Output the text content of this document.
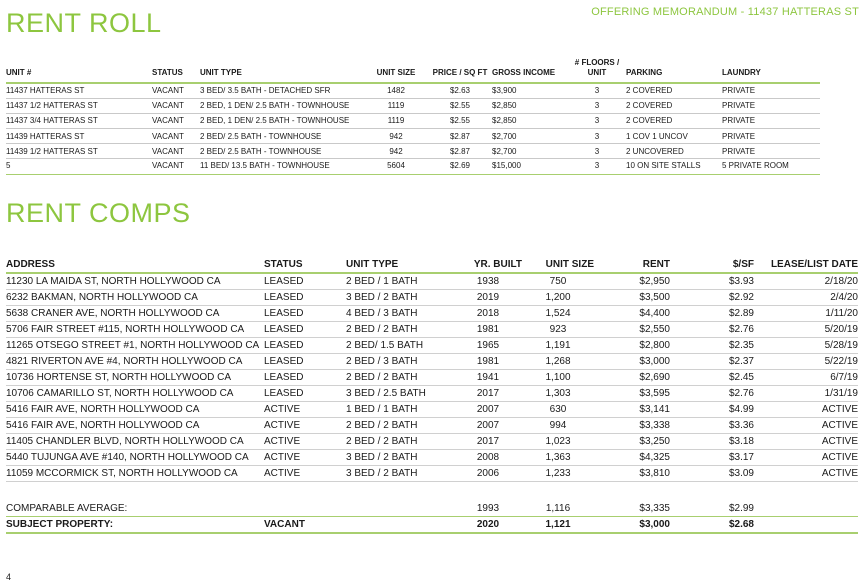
OFFERING MEMORANDUM - 11437 HATTERAS ST
RENT ROLL
UNIT #	STATUS	UNIT TYPE	UNIT SIZE	PRICE / SQ FT	GROSS INCOME	# FLOORS / UNIT	PARKING	LAUNDRY
11437 HATTERAS ST	VACANT	3 BED/ 3.5 BATH - DETACHED SFR	1482	$2.63	$3,900	3	2 COVERED	PRIVATE
11437 1/2 HATTERAS ST	VACANT	2 BED, 1 DEN/ 2.5 BATH - TOWNHOUSE	1119	$2.55	$2,850	3	2 COVERED	PRIVATE
11437 3/4 HATTERAS ST	VACANT	2 BED, 1 DEN/ 2.5 BATH - TOWNHOUSE	1119	$2.55	$2,850	3	2 COVERED	PRIVATE
11439 HATTERAS ST	VACANT	2 BED/ 2.5 BATH - TOWNHOUSE	942	$2.87	$2,700	3	1 COV 1 UNCOV	PRIVATE
11439 1/2 HATTERAS ST	VACANT	2 BED/ 2.5 BATH - TOWNHOUSE	942	$2.87	$2,700	3	2 UNCOVERED	PRIVATE
5	VACANT	11 BED/ 13.5 BATH - TOWNHOUSE	5604	$2.69	$15,000	3	10 ON SITE STALLS	5 PRIVATE ROOM
RENT COMPS
ADDRESS	STATUS	UNIT TYPE	YR. BUILT	UNIT SIZE	RENT	$/SF	LEASE/LIST DATE
11230 LA MAIDA ST, NORTH HOLLYWOOD CA	LEASED	2 BED / 1 BATH	1938	750	$2,950	$3.93	2/18/20
6232 BAKMAN, NORTH HOLLYWOOD CA	LEASED	3 BED / 2 BATH	2019	1,200	$3,500	$2.92	2/4/20
5638 CRANER AVE, NORTH HOLLYWOOD CA	LEASED	4 BED / 3 BATH	2018	1,524	$4,400	$2.89	1/11/20
5706 FAIR STREET #115, NORTH HOLLYWOOD CA	LEASED	2 BED / 2 BATH	1981	923	$2,550	$2.76	5/20/19
11265 OTSEGO STREET #1, NORTH HOLLYWOOD CA	LEASED	2 BED/ 1.5 BATH	1965	1,191	$2,800	$2.35	5/28/19
4821 RIVERTON AVE #4, NORTH HOLLYWOOD CA	LEASED	2 BED / 3 BATH	1981	1,268	$3,000	$2.37	5/22/19
10736 HORTENSE ST, NORTH HOLLYWOOD CA	LEASED	2 BED / 2 BATH	1941	1,100	$2,690	$2.45	6/7/19
10706 CAMARILLO ST, NORTH HOLLYWOOD CA	LEASED	3 BED / 2.5 BATH	2017	1,303	$3,595	$2.76	1/31/19
5416 FAIR AVE, NORTH HOLLYWOOD CA	ACTIVE	1 BED / 1 BATH	2007	630	$3,141	$4.99	ACTIVE
5416 FAIR AVE, NORTH HOLLYWOOD CA	ACTIVE	2 BED / 2 BATH	2007	994	$3,338	$3.36	ACTIVE
11405 CHANDLER BLVD, NORTH HOLLYWOOD CA	ACTIVE	2 BED / 2 BATH	2017	1,023	$3,250	$3.18	ACTIVE
5440 TUJUNGA AVE #140, NORTH HOLLYWOOD CA	ACTIVE	3 BED / 2 BATH	2008	1,363	$4,325	$3.17	ACTIVE
11059 MCCORMICK ST, NORTH HOLLYWOOD CA	ACTIVE	3 BED / 2 BATH	2006	1,233	$3,810	$3.09	ACTIVE

COMPARABLE AVERAGE:			1993	1,116	$3,335	$2.99	
SUBJECT PROPERTY:	VACANT		2020	1,121	$3,000	$2.68	
4
